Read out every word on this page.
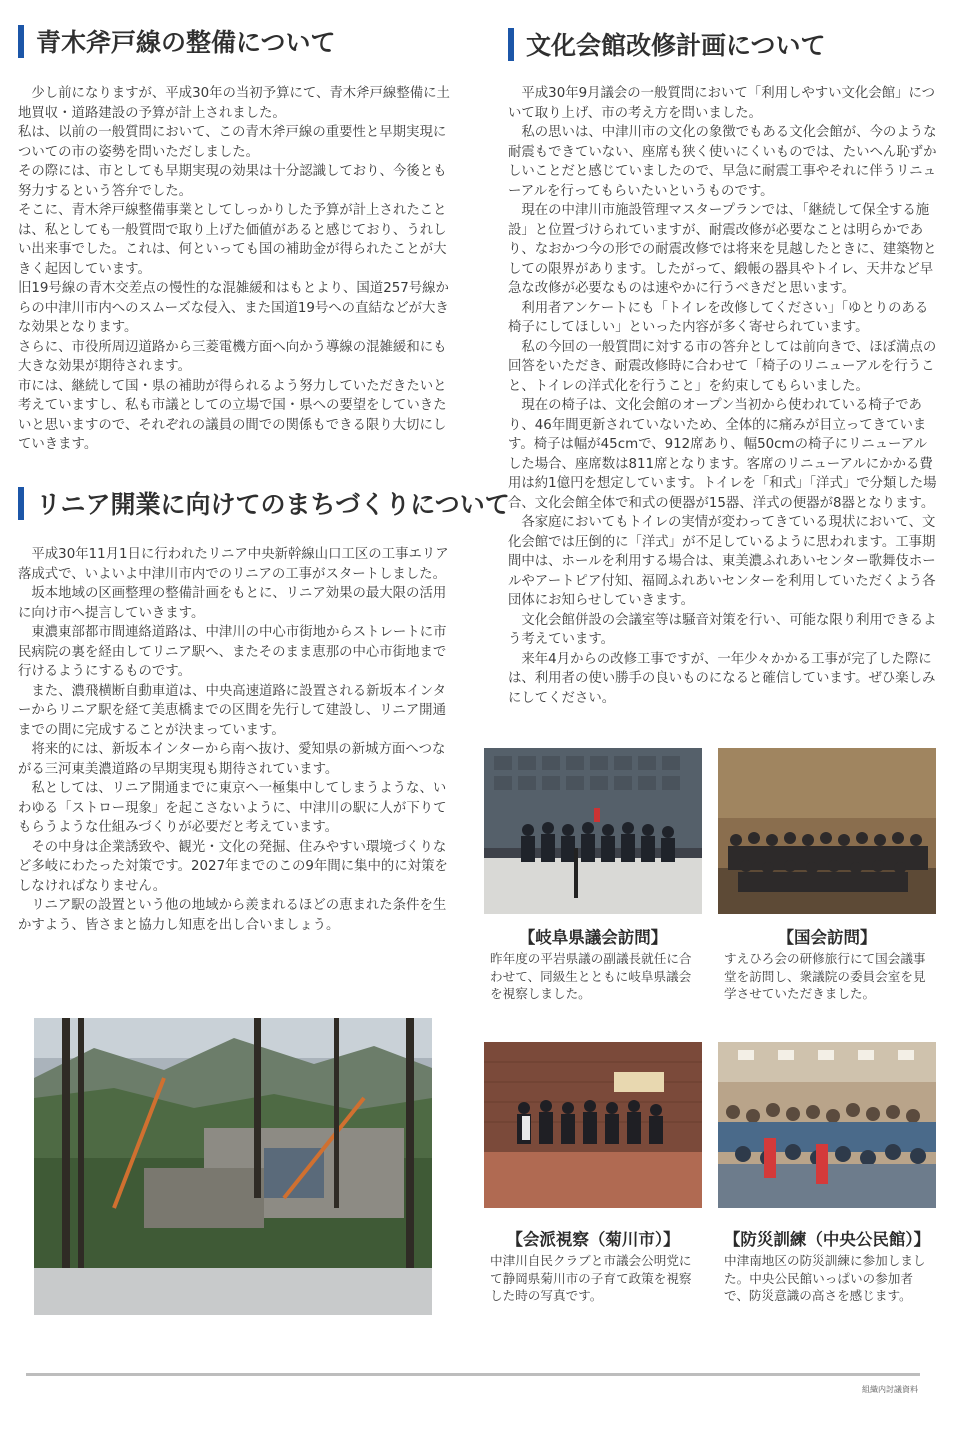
青木斧戸線の整備について

少し前になりますが、平成30年の当初予算にて、青木斧戸線整備に土地買収・道路建設の予算が計上されました。

私は、以前の一般質問において、この青木斧戸線の重要性と早期実現についての市の姿勢を問いただしました。

その際には、市としても早期実現の効果は十分認識しており、今後とも努力するという答弁でした。

そこに、青木斧戸線整備事業としてしっかりした予算が計上されたことは、私としても一般質問で取り上げた価値があると感じており、うれしい出来事でした。これは、何といっても国の補助金が得られたことが大きく起因しています。

旧19号線の青木交差点の慢性的な混雑緩和はもとより、国道257号線からの中津川市内へのスムーズな侵入、また国道19号への直結などが大きな効果となります。

さらに、市役所周辺道路から三菱電機方面へ向かう導線の混雑緩和にも大きな効果が期待されます。

市には、継続して国・県の補助が得られるよう努力していただきたいと考えていますし、私も市議としての立場で国・県への要望をしていきたいと思いますので、それぞれの議員の間での関係もできる限り大切にしていきます。

リニア開業に向けてのまちづくりについて

平成30年11月1日に行われたリニア中央新幹線山口工区の工事エリア落成式で、いよいよ中津川市内でのリニアの工事がスタートしました。

坂本地域の区画整理の整備計画をもとに、リニア効果の最大限の活用に向け市へ提言していきます。

東濃東部都市間連絡道路は、中津川の中心市街地からストレートに市民病院の裏を経由してリニア駅へ、またそのまま恵那の中心市街地まで行けるようにするものです。

また、濃飛横断自動車道は、中央高速道路に設置される新坂本インターからリニア駅を経て美恵橋までの区間を先行して建設し、リニア開通までの間に完成することが決まっています。

将来的には、新坂本インターから南へ抜け、愛知県の新城方面へつながる三河東美濃道路の早期実現も期待されています。

私としては、リニア開通までに東京へ一極集中してしまうような、いわゆる「ストロー現象」を起こさないように、中津川の駅に人が下りてもらうような仕組みづくりが必要だと考えています。

その中身は企業誘致や、観光・文化の発掘、住みやすい環境づくりなど多岐にわたった対策です。2027年までのこの9年間に集中的に対策をしなければなりません。

リニア駅の設置という他の地域から羨まれるほどの恵まれた条件を生かすよう、皆さまと協力し知恵を出し合いましょう。

文化会館改修計画について

平成30年9月議会の一般質問において「利用しやすい文化会館」について取り上げ、市の考え方を問いました。

私の思いは、中津川市の文化の象徴でもある文化会館が、今のような耐震もできていない、座席も狭く使いにくいものでは、たいへん恥ずかしいことだと感じていましたので、早急に耐震工事やそれに伴うリニューアルを行ってもらいたいというものです。

現在の中津川市施設管理マスタープランでは、「継続して保全する施設」と位置づけられていますが、耐震改修が必要なことは明らかであり、なおかつ今の形での耐震改修では将来を見越したときに、建築物としての限界があります。したがって、緞帳の器具やトイレ、天井など早急な改修が必要なものは速やかに行うべきだと思います。

利用者アンケートにも「トイレを改修してください」「ゆとりのある椅子にしてほしい」といった内容が多く寄せられています。

私の今回の一般質問に対する市の答弁としては前向きで、ほぼ満点の回答をいただき、耐震改修時に合わせて「椅子のリニューアルを行うこと、トイレの洋式化を行うこと」を約束してもらいました。

現在の椅子は、文化会館のオープン当初から使われている椅子であり、46年間更新されていないため、全体的に痛みが目立ってきています。椅子は幅が45cmで、912席あり、幅50cmの椅子にリニューアルした場合、座席数は811席となります。客席のリニューアルにかかる費用は約1億円を想定しています。トイレを「和式」「洋式」で分類した場合、文化会館全体で和式の便器が15器、洋式の便器が8器となります。

各家庭においてもトイレの実情が変わってきている現状において、文化会館では圧倒的に「洋式」が不足しているように思われます。工事期間中は、ホールを利用する場合は、東美濃ふれあいセンター歌舞伎ホールやアートピア付知、福岡ふれあいセンターを利用していただくよう各団体にお知らせしていきます。

文化会館併設の会議室等は騒音対策を行い、可能な限り利用できるよう考えています。

来年4月からの改修工事ですが、一年少々かかる工事が完了した際には、利用者の使い勝手の良いものになると確信しています。ぜひ楽しみにしてください。

【岐阜県議会訪問】
昨年度の平岩県議の副議長就任に合わせて、同級生とともに岐阜県議会を視察しました。
【国会訪問】
すえひろ会の研修旅行にて国会議事堂を訪問し、衆議院の委員会室を見学させていただきました。
【会派視察（菊川市）】
中津川自民クラブと市議会公明党にて静岡県菊川市の子育て政策を視察した時の写真です。
【防災訓練（中央公民館）】
中津南地区の防災訓練に参加しました。中央公民館いっぱいの参加者で、防災意識の高さを感じます。
組織内討議資料
